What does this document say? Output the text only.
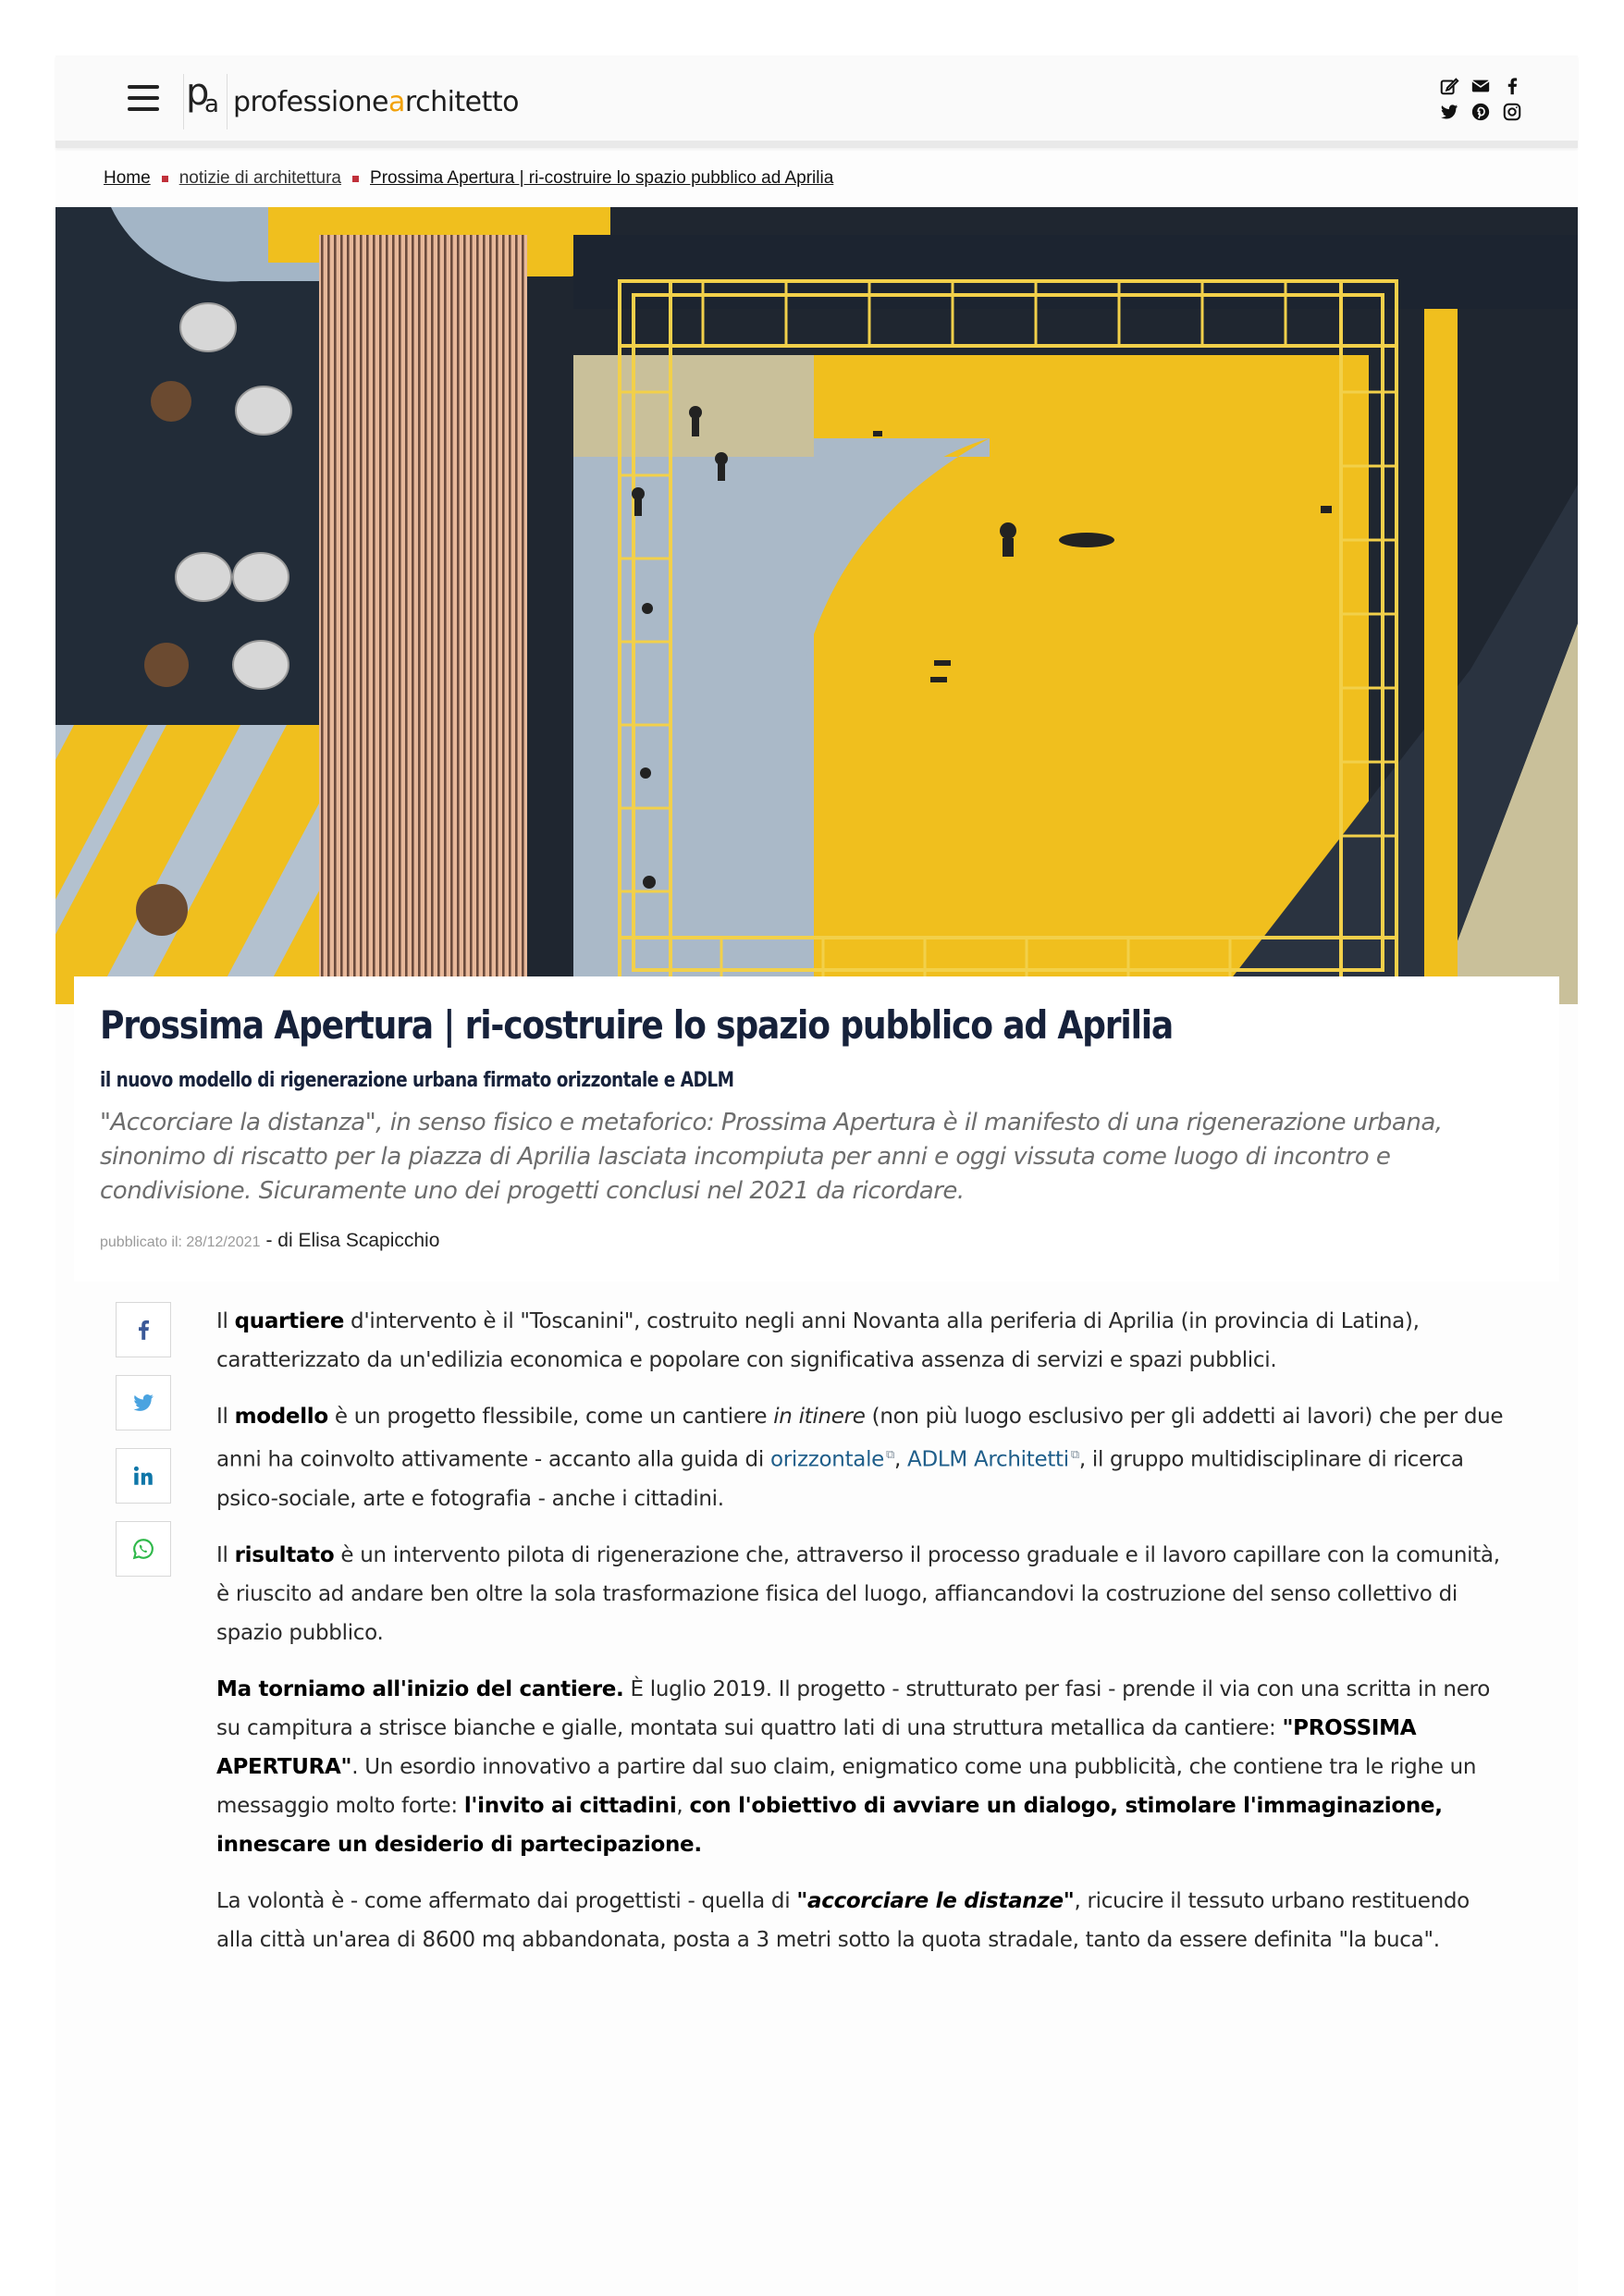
p
a professionearchitetto
Home notizie di architettura Prossima Apertura | ri-costruire lo spazio pubblico ad Aprilia
Prossima Apertura | ri-costruire lo spazio pubblico ad Aprilia
il nuovo modello di rigenerazione urbana firmato orizzontale e ADLM

"Accorciare la distanza", in senso fisico e metaforico: Prossima Apertura è il manifesto di una rigenerazione urbana, sinonimo di riscatto per la piazza di Aprilia lasciata incompiuta per anni e oggi vissuta come luogo di incontro e condivisione. Sicuramente uno dei progetti conclusi nel 2021 da ricordare.

pubblicato il: 28/12/2021 - di Elisa Scapicchio

Il quartiere d'intervento è il "Toscanini", costruito negli anni Novanta alla periferia di Aprilia (in provincia di Latina), caratterizzato da un'edilizia economica e popolare con significativa assenza di servizi e spazi pubblici.

Il modello è un progetto flessibile, come un cantiere in itinere (non più luogo esclusivo per gli addetti ai lavori) che per due anni ha coinvolto attivamente - accanto alla guida di orizzontale ⧉, ADLM Architetti ⧉, il gruppo multidisciplinare di ricerca psico-sociale, arte e fotografia - anche i cittadini.

Il risultato è un intervento pilota di rigenerazione che, attraverso il processo graduale e il lavoro capillare con la comunità, è riuscito ad andare ben oltre la sola trasformazione fisica del luogo, affiancandovi la costruzione del senso collettivo di spazio pubblico.

Ma torniamo all'inizio del cantiere. È luglio 2019. Il progetto - strutturato per fasi - prende il via con una scritta in nero su campitura a strisce bianche e gialle, montata sui quattro lati di una struttura metallica da cantiere: "PROSSIMA APERTURA". Un esordio innovativo a partire dal suo claim, enigmatico come una pubblicità, che contiene tra le righe un messaggio molto forte: l'invito ai cittadini, con l'obiettivo di avviare un dialogo, stimolare l'immaginazione, innescare un desiderio di partecipazione.

La volontà è - come affermato dai progettisti - quella di "accorciare le distanze", ricucire il tessuto urbano restituendo alla città un'area di 8600 mq abbandonata, posta a 3 metri sotto la quota stradale, tanto da essere definita "la buca".
